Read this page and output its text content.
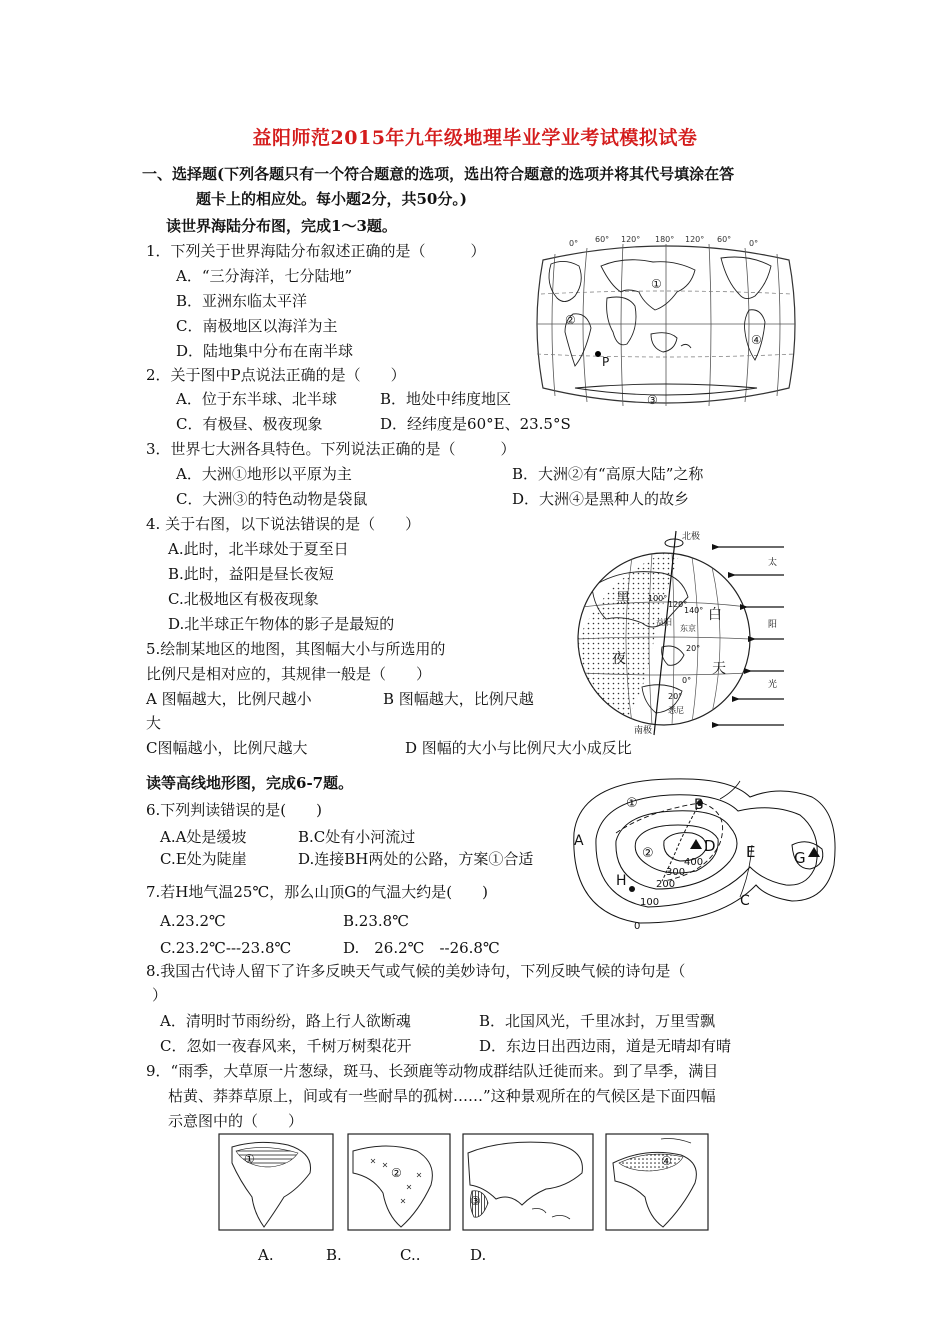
益阳师范2015年九年级地理毕业学业考试模拟试卷
一、选择题(下列各题只有一个符合题意的选项，选出符合题意的选项并将其代号填涂在答
题卡上的相应处。每小题2分，共50分。)
读世界海陆分布图，完成1～3题。
1．下列关于世界海陆分布叙述正确的是（　　　）
A．“三分海洋，七分陆地”
B．亚洲东临太平洋
C．南极地区以海洋为主
D．陆地集中分布在南半球
2．关于图中P点说法正确的是（　　）
A．位于东半球、北半球	B．地处中纬度地区
C．有极昼、极夜现象	D．经纬度是60°E、23.5°S
3．世界七大洲各具特色。下列说法正确的是（　　　）
A．大洲①地形以平原为主	B．大洲②有“高原大陆”之称
C．大洲③的特色动物是袋鼠	D．大洲④是黑种人的故乡
4. 关于右图，以下说法错误的是（　　）
A.此时，北半球处于夏至日
B.此时，益阳是昼长夜短
C.北极地区有极夜现象
D.北半球正午物体的影子是最短的
5.绘制某地区的地图，其图幅大小与所选用的
比例尺是相对应的，其规律一般是（　　）
A 图幅越大，比例尺越小	B 图幅越大，比例尺越
大
C图幅越小，比例尺越大	D 图幅的大小与比例尺大小成反比
读等高线地形图，完成6-7题。
6.下列判读错误的是(　　)
A.A处是缓坡	B.C处有小河流过
C.E处为陡崖	D.连接BH两处的公路，方案①合适
7.若H地气温25℃，那么山顶G的气温大约是(　　)
A.23.2℃	B.23.8℃
C.23.2℃---23.8℃	D.　26.2℃　--26.8℃
8.我国古代诗人留下了许多反映天气或气候的美妙诗句，下列反映气候的诗句是（
）
A．清明时节雨纷纷，路上行人欲断魂	B．北国风光，千里冰封，万里雪飘
C．忽如一夜春风来，千树万树梨花开	D．东边日出西边雨，道是无晴却有晴
9．“雨季，大草原一片葱绿，斑马、长颈鹿等动物成群结队迁徙而来。到了旱季，满目
枯黄、莽莽草原上，间或有一些耐旱的孤树……”这种景观所在的气候区是下面四幅
示意图中的（　　）
A.	B.	C..	D.
60°
0°	120° 180° 120° 60° 0°
①
②
③
④
P
北极
南极
黑
夜
白
天
太
阳
光
100°
120°
140°
益阳
东京
20°
0°
20°
悉尼
B
A	D E	G
H
C
①
②
400
300
200
100
0
①
②
③
④
